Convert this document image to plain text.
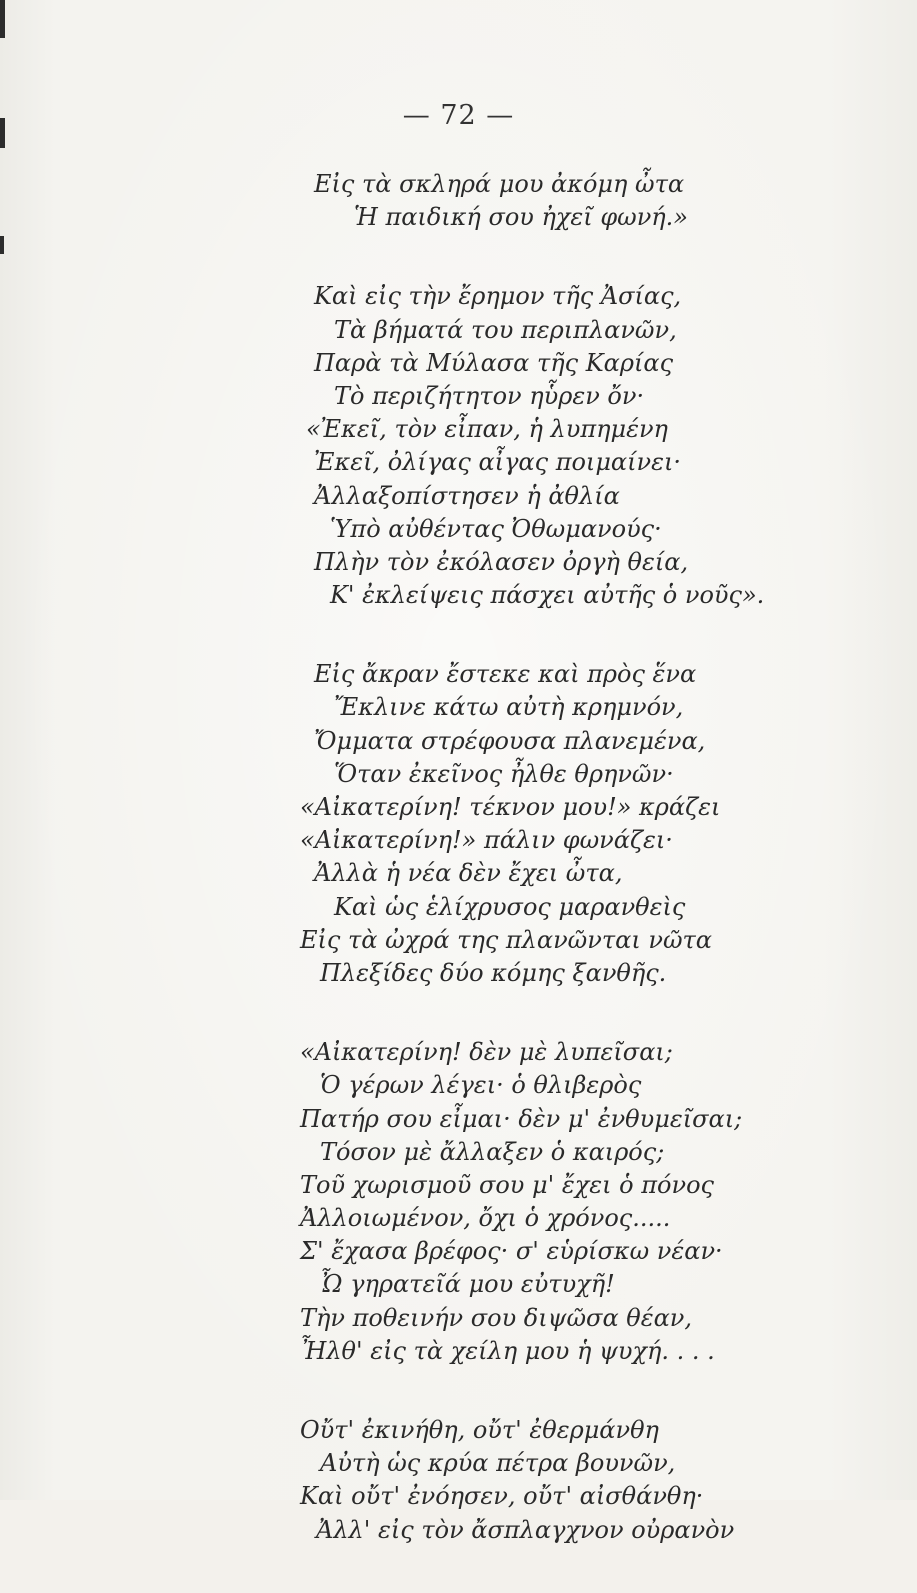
— 72 —
Εἰς τὰ σκληρά μου ἀκόμη ὦτα
Ἡ παιδική σου ἠχεῖ φωνή.»
Καὶ εἰς τὴν ἔρημον τῆς Ἀσίας,
Τὰ βήματά του περιπλανῶν,
Παρὰ τὰ Μύλασα τῆς Καρίας
Τὸ περιζήτητον ηὗρεν ὄν·
«Ἐκεῖ, τὸν εἶπαν, ἡ λυπημένη
Ἐκεῖ, ὀλίγας αἶγας ποιμαίνει·
Ἀλλαξοπίστησεν ἡ ἀθλία
Ὑπὸ αὐθέντας Ὀθωμανούς·
Πλὴν τὸν ἐκόλασεν ὀργὴ θεία,
Κ' ἐκλείψεις πάσχει αὐτῆς ὁ νοῦς».
Εἰς ἄκραν ἔστεκε καὶ πρὸς ἕνα
Ἔκλινε κάτω αὐτὴ κρημνόν,
Ὄμματα στρέφουσα πλανεμένα,
Ὅταν ἐκεῖνος ἦλθε θρηνῶν·
«Αἰκατερίνη! τέκνον μου!» κράζει
«Αἰκατερίνη!» πάλιν φωνάζει·
Ἀλλὰ ἡ νέα δὲν ἔχει ὦτα,
Καὶ ὡς ἑλίχρυσος μαρανθεὶς
Εἰς τὰ ὠχρά της πλανῶνται νῶτα
Πλεξίδες δύο κόμης ξανθῆς.
«Αἰκατερίνη! δὲν μὲ λυπεῖσαι;
Ὁ γέρων λέγει· ὁ θλιβερὸς
Πατήρ σου εἶμαι· δὲν μ' ἐνθυμεῖσαι;
Τόσον μὲ ἄλλαξεν ὁ καιρός;
Τοῦ χωρισμοῦ σου μ' ἔχει ὁ πόνος
Ἀλλοιωμένον, ὄχι ὁ χρόνος.....
Σ' ἔχασα βρέφος· σ' εὑρίσκω νέαν·
Ὦ γηρατεῖά μου εὐτυχῆ!
Τὴν ποθεινήν σου διψῶσα θέαν,
Ἦλθ' εἰς τὰ χείλη μου ἡ ψυχή. . . .
Οὔτ' ἐκινήθη, οὔτ' ἐθερμάνθη
Αὐτὴ ὡς κρύα πέτρα βουνῶν,
Καὶ οὔτ' ἐνόησεν, οὔτ' αἰσθάνθη·
Ἀλλ' εἰς τὸν ἄσπλαγχνον οὐρανὸν
